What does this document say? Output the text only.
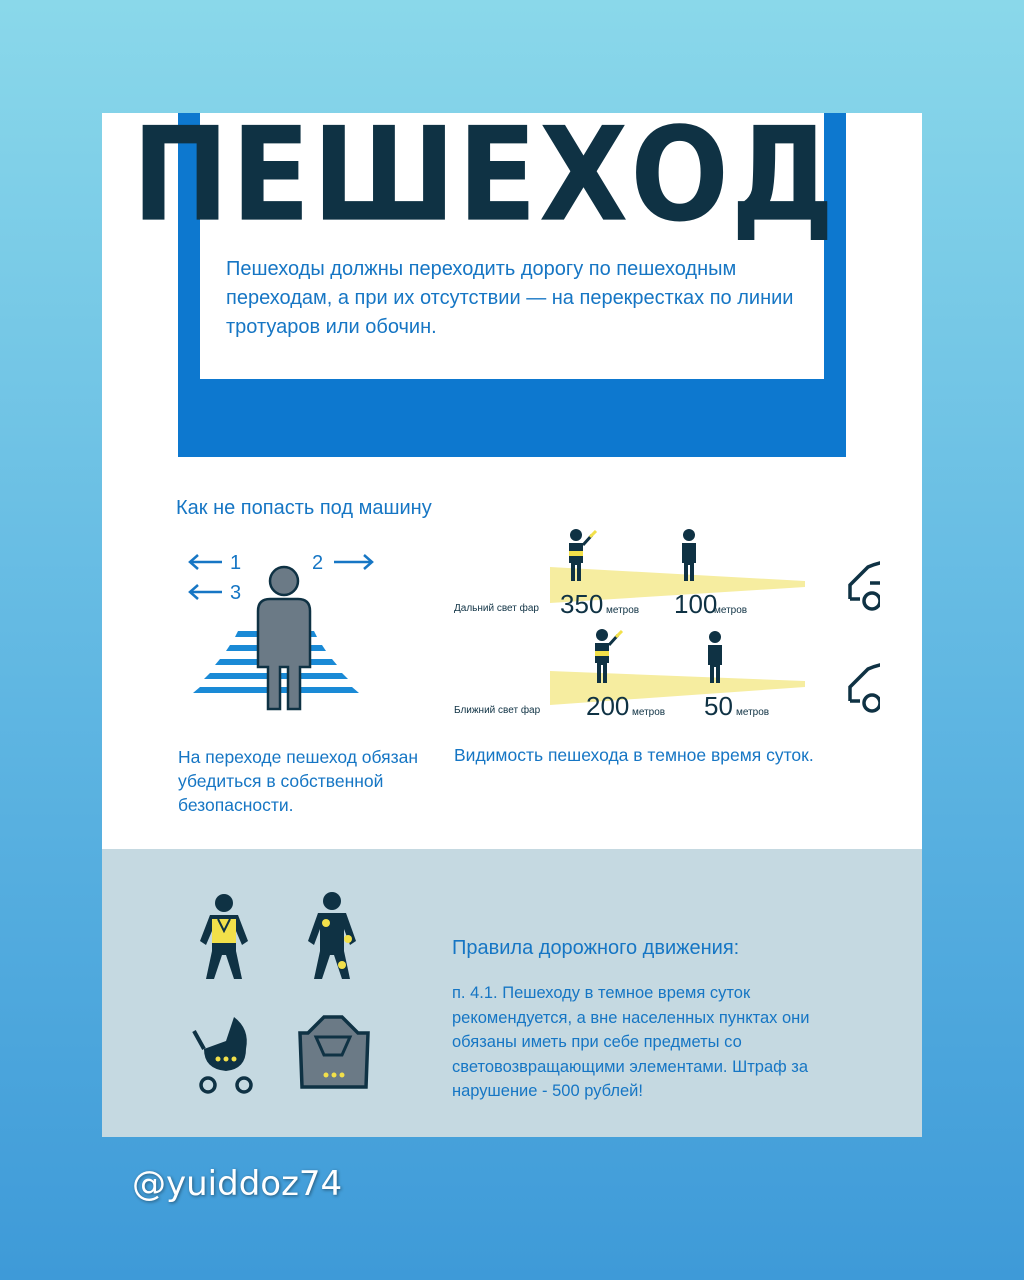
ПЕШЕХОД

Пешеходы должны переходить дорогу по пешеходным переходам, а при их отсутствии — на перекрестках по линии тротуаров или обочин.

Как не попасть под машину
1
3
2
Дальний свет фар 350 метров 100
метров
Ближний свет фар 200 метров 50 метров
На переходе пешеход обязан убедиться в собственной безопасности.
Видимость пешехода в темное время суток.
Правила дорожного движения:
п. 4.1. Пешеходу в темное время суток рекомендуется, а вне населенных пунктах они обязаны иметь при себе предметы со световозвращающими элементами. Штраф за нарушение - 500 рублей!
@yuiddoz74
